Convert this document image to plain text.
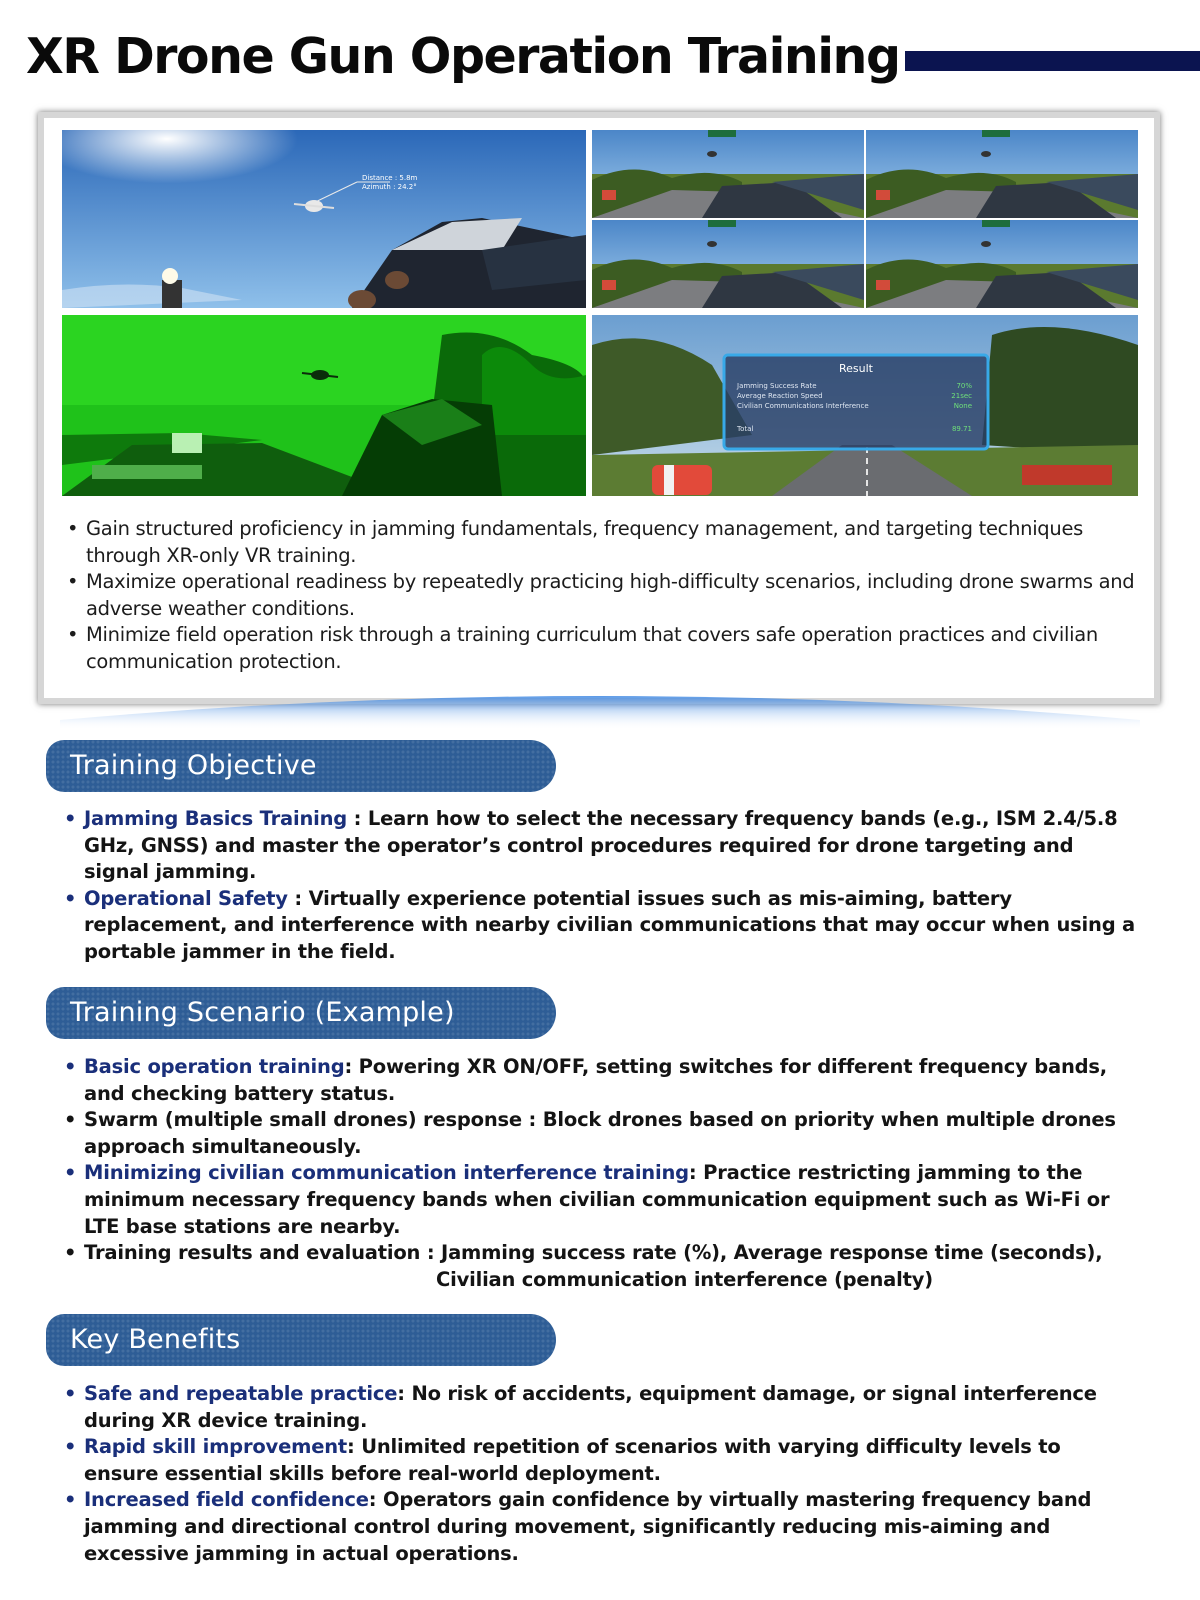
XR Drone Gun Operation Training
Distance : 5.8m
Azimuth : 24.2°
Result
Jamming Success Rate	70%
Average Reaction Speed	21sec
Civilian Communications Interference	None
Total	89.71
• Gain structured proficiency in jamming fundamentals, frequency management, and targeting techniques through XR-only VR training.
• Maximize operational readiness by repeatedly practicing high-difficulty scenarios, including drone swarms and adverse weather conditions.
• Minimize field operation risk through a training curriculum that covers safe operation practices and civilian communication protection.
Training Objective
• Jamming Basics Training : Learn how to select the necessary frequency bands (e.g., ISM 2.4/5.8 GHz, GNSS) and master the operator’s control procedures required for drone targeting and signal jamming.
• Operational Safety : Virtually experience potential issues such as mis-aiming, battery replacement, and interference with nearby civilian communications that may occur when using a portable jammer in the field.
Training Scenario (Example)
• Basic operation training: Powering XR ON/OFF, setting switches for different frequency bands, and checking battery status.
• Swarm (multiple small drones) response : Block drones based on priority when multiple drones approach simultaneously.
• Minimizing civilian communication interference training: Practice restricting jamming to the minimum necessary frequency bands when civilian communication equipment such as Wi-Fi or LTE base stations are nearby.
• Training results and evaluation : Jamming success rate (%), Average response time (seconds),
Civilian communication interference (penalty)
Key Benefits
• Safe and repeatable practice: No risk of accidents, equipment damage, or signal interference during XR device training.
• Rapid skill improvement: Unlimited repetition of scenarios with varying difficulty levels to ensure essential skills before real-world deployment.
• Increased field confidence: Operators gain confidence by virtually mastering frequency band jamming and directional control during movement, significantly reducing mis-aiming and excessive jamming in actual operations.
